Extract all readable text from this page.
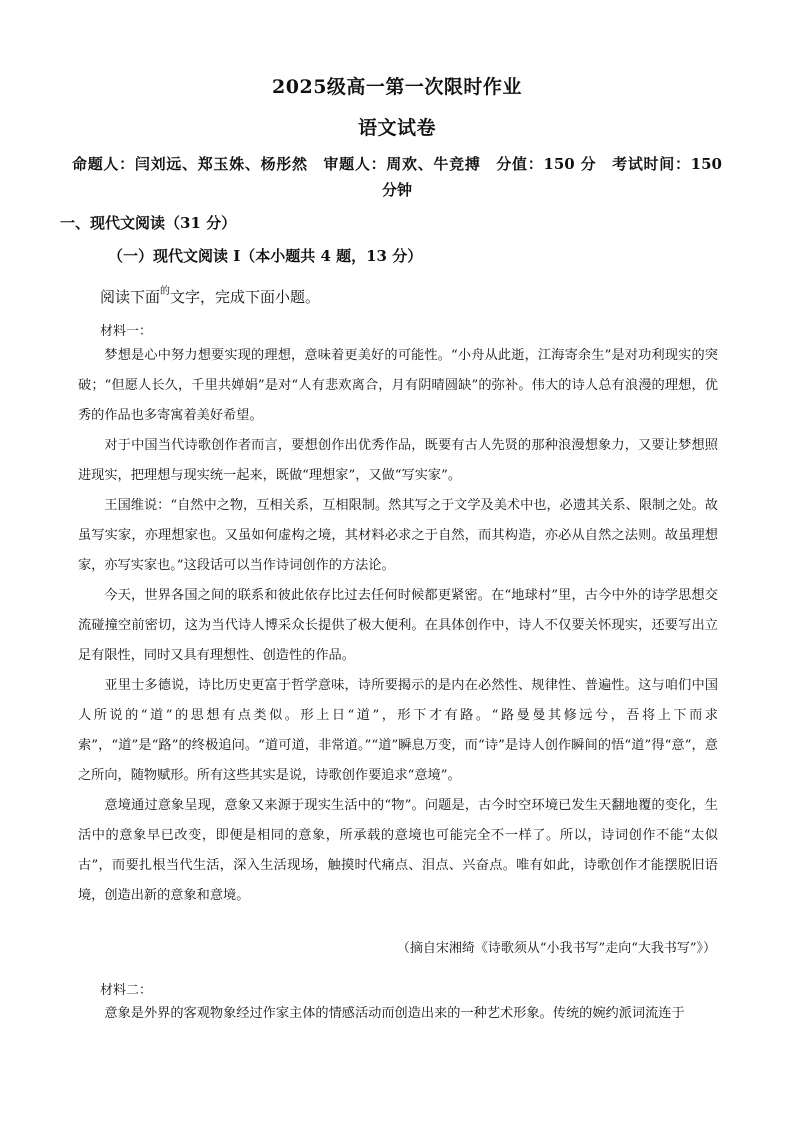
2025级高一第一次限时作业
语文试卷
命题人：闫刘远、郑玉姝、杨彤然　审题人：周欢、牛竞搏　分值：150 分　考试时间：150
分钟
一、现代文阅读（31 分）
（一）现代文阅读 I（本小题共 4 题，13 分）
阅读下面$^的$文字，完成下面小题。
材料一：

梦想是心中努力想要实现的理想，意味着更美好的可能性。“小舟从此逝，江海寄余生”是对功利现实的突破；“但愿人长久，千里共婵娟”是对“人有悲欢离合，月有阴晴圆缺”的弥补。伟大的诗人总有浪漫的理想，优秀的作品也多寄寓着美好希望。

对于中国当代诗歌创作者而言，要想创作出优秀作品，既要有古人先贤的那种浪漫想象力，又要让梦想照进现实，把理想与现实统一起来，既做“理想家”，又做“写实家”。

王国维说：“自然中之物，互相关系，互相限制。然其写之于文学及美术中也，必遗其关系、限制之处。故虽写实家，亦理想家也。又虽如何虚构之境，其材料必求之于自然，而其构造，亦必从自然之法则。故虽理想家，亦写实家也。”这段话可以当作诗词创作的方法论。

今天，世界各国之间的联系和彼此依存比过去任何时候都更紧密。在“地球村”里，古今中外的诗学思想交流碰撞空前密切，这为当代诗人博采众长提供了极大便利。在具体创作中，诗人不仅要关怀现实，还要写出立足有限性，同时又具有理想性、创造性的作品。

亚里士多德说，诗比历史更富于哲学意味，诗所要揭示的是内在必然性、规律性、普遍性。这与咱们中国人所说的“道”的思想有点类似。形上日“道”，形下才有路。“路曼曼其修远兮，吾将上下而求索”，“道”是“路”的终极追问。“道可道，非常道。”“道”瞬息万变，而“诗”是诗人创作瞬间的悟“道”得“意”，意之所向，随物赋形。所有这些其实是说，诗歌创作要追求“意境”。

意境通过意象呈现，意象又来源于现实生活中的“物”。问题是，古今时空环境已发生天翻地覆的变化，生活中的意象早已改变，即便是相同的意象，所承载的意境也可能完全不一样了。所以，诗词创作不能“太似古”，而要扎根当代生活，深入生活现场，触摸时代痛点、泪点、兴奋点。唯有如此，诗歌创作才能摆脱旧语境，创造出新的意象和意境。

（摘自宋湘绮《诗歌须从“小我书写”走向“大我书写”》）
材料二：

意象是外界的客观物象经过作家主体的情感活动而创造出来的一种艺术形象。传统的婉约派词流连于
